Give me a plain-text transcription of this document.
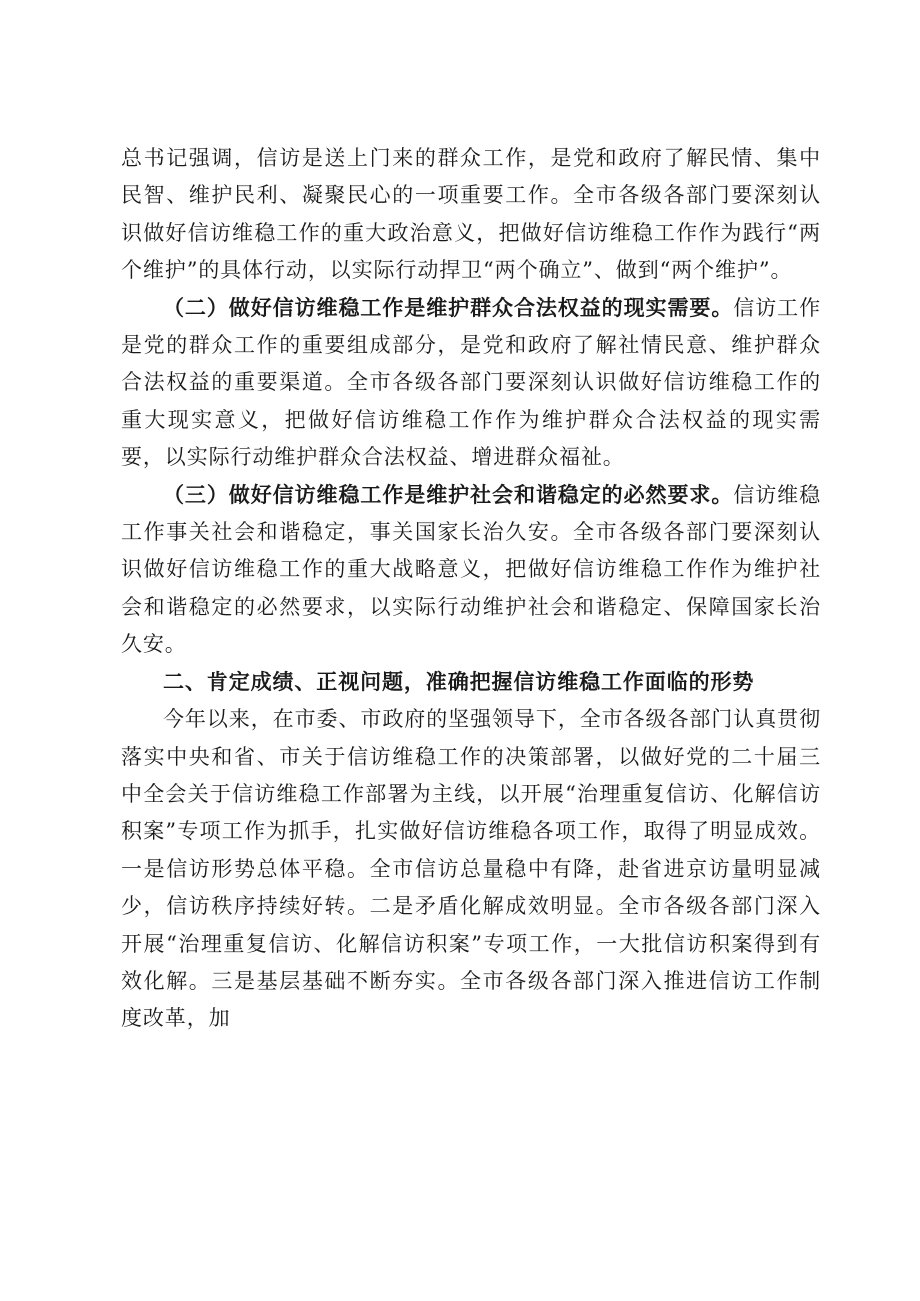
总书记强调，信访是送上门来的群众工作，是党和政府了解民情、集中民智、维护民利、凝聚民心的一项重要工作。全市各级各部门要深刻认识做好信访维稳工作的重大政治意义，把做好信访维稳工作作为践行“两个维护”的具体行动，以实际行动捍卫“两个确立”、做到“两个维护”。

（二）做好信访维稳工作是维护群众合法权益的现实需要。信访工作是党的群众工作的重要组成部分，是党和政府了解社情民意、维护群众合法权益的重要渠道。全市各级各部门要深刻认识做好信访维稳工作的重大现实意义，把做好信访维稳工作作为维护群众合法权益的现实需要，以实际行动维护群众合法权益、增进群众福祉。

（三）做好信访维稳工作是维护社会和谐稳定的必然要求。信访维稳工作事关社会和谐稳定，事关国家长治久安。全市各级各部门要深刻认识做好信访维稳工作的重大战略意义，把做好信访维稳工作作为维护社会和谐稳定的必然要求，以实际行动维护社会和谐稳定、保障国家长治久安。

二、肯定成绩、正视问题，准确把握信访维稳工作面临的形势

今年以来，在市委、市政府的坚强领导下，全市各级各部门认真贯彻落实中央和省、市关于信访维稳工作的决策部署，以做好党的二十届三中全会关于信访维稳工作部署为主线，以开展“治理重复信访、化解信访积案”专项工作为抓手，扎实做好信访维稳各项工作，取得了明显成效。一是信访形势总体平稳。全市信访总量稳中有降，赴省进京访量明显减少，信访秩序持续好转。二是矛盾化解成效明显。全市各级各部门深入开展“治理重复信访、化解信访积案”专项工作，一大批信访积案得到有效化解。三是基层基础不断夯实。全市各级各部门深入推进信访工作制度改革，加
